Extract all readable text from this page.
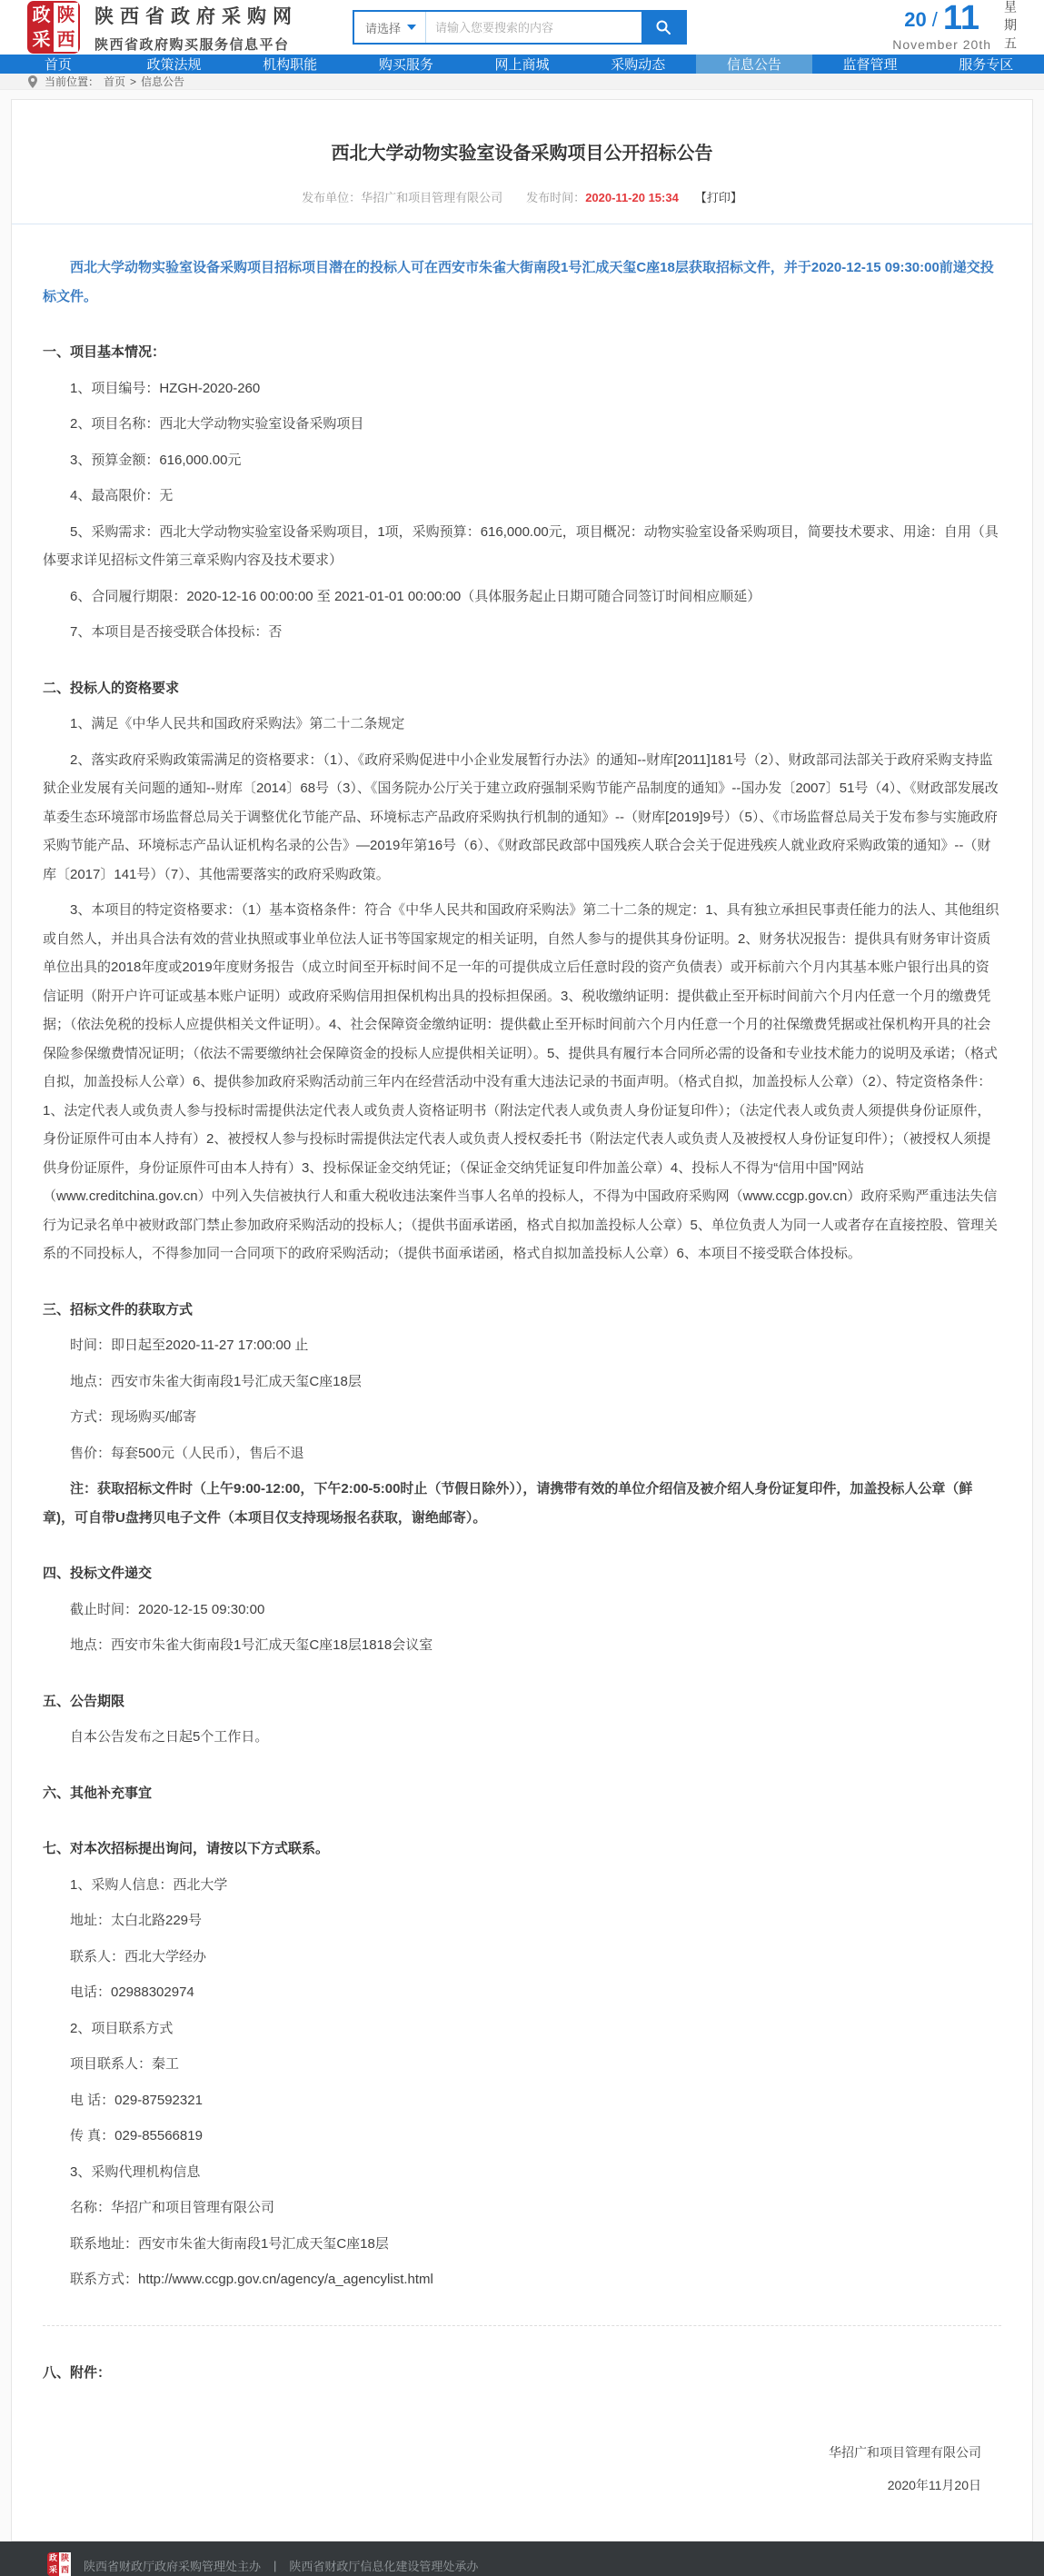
政 陕
采 西
陕西省政府采购网
陕西省政府购买服务信息平台
请选择
请输入您要搜索的内容	20 / 11
November 20th 星期五
首页	政策法规	机构职能	购买服务	网上商城	采购动态	信息公告	监督管理	服务专区
当前位置： 首页 > 信息公告
西北大学动物实验室设备采购项目公开招标公告
发布单位：华招广和项目管理有限公司 发布时间：2020-11-20 15:34 【打印】
西北大学动物实验室设备采购项目招标项目潜在的投标人可在西安市朱雀大街南段1号汇成天玺C座18层获取招标文件，并于2020-12-15 09:30:00前递交投标文件。
一、项目基本情况：
1、项目编号：HZGH-2020-260
2、项目名称：西北大学动物实验室设备采购项目
3、预算金额：616,000.00元
4、最高限价：无
5、采购需求：西北大学动物实验室设备采购项目，1项，采购预算：616,000.00元，项目概况：动物实验室设备采购项目，简要技术要求、用途：自用（具体要求详见招标文件第三章采购内容及技术要求）
6、合同履行期限：2020-12-16 00:00:00 至 2021-01-01 00:00:00（具体服务起止日期可随合同签订时间相应顺延）
7、本项目是否接受联合体投标：否
二、投标人的资格要求
1、满足《中华人民共和国政府采购法》第二十二条规定
2、落实政府采购政策需满足的资格要求：（1）、《政府采购促进中小企业发展暂行办法》的通知--财库[2011]181号（2）、财政部司法部关于政府采购支持监狱企业发展有关问题的通知--财库〔2014〕68号（3）、《国务院办公厅关于建立政府强制采购节能产品制度的通知》--国办发〔2007〕51号（4）、《财政部发展改革委生态环境部市场监督总局关于调整优化节能产品、环境标志产品政府采购执行机制的通知》--（财库[2019]9号）（5）、《市场监督总局关于发布参与实施政府采购节能产品、环境标志产品认证机构名录的公告》—2019年第16号（6）、《财政部民政部中国残疾人联合会关于促进残疾人就业政府采购政策的通知》--（财库〔2017〕141号）（7）、其他需要落实的政府采购政策。
3、本项目的特定资格要求：（1）基本资格条件：符合《中华人民共和国政府采购法》第二十二条的规定：1、具有独立承担民事责任能力的法人、其他组织或自然人，并出具合法有效的营业执照或事业单位法人证书等国家规定的相关证明，自然人参与的提供其身份证明。2、财务状况报告：提供具有财务审计资质单位出具的2018年度或2019年度财务报告（成立时间至开标时间不足一年的可提供成立后任意时段的资产负债表）或开标前六个月内其基本账户银行出具的资信证明（附开户许可证或基本账户证明）或政府采购信用担保机构出具的投标担保函。3、税收缴纳证明：提供截止至开标时间前六个月内任意一个月的缴费凭据；（依法免税的投标人应提供相关文件证明）。4、社会保障资金缴纳证明：提供截止至开标时间前六个月内任意一个月的社保缴费凭据或社保机构开具的社会保险参保缴费情况证明；（依法不需要缴纳社会保障资金的投标人应提供相关证明）。5、提供具有履行本合同所必需的设备和专业技术能力的说明及承诺；（格式自拟，加盖投标人公章）6、提供参加政府采购活动前三年内在经营活动中没有重大违法记录的书面声明。（格式自拟，加盖投标人公章）（2）、特定资格条件：1、法定代表人或负责人参与投标时需提供法定代表人或负责人资格证明书（附法定代表人或负责人身份证复印件）；（法定代表人或负责人须提供身份证原件，身份证原件可由本人持有）2、被授权人参与投标时需提供法定代表人或负责人授权委托书（附法定代表人或负责人及被授权人身份证复印件）；（被授权人须提供身份证原件，身份证原件可由本人持有）3、投标保证金交纳凭证；（保证金交纳凭证复印件加盖公章）4、投标人不得为“信用中国”网站（www.creditchina.gov.cn）中列入失信被执行人和重大税收违法案件当事人名单的投标人，不得为中国政府采购网（www.ccgp.gov.cn）政府采购严重违法失信行为记录名单中被财政部门禁止参加政府采购活动的投标人；（提供书面承诺函，格式自拟加盖投标人公章）5、单位负责人为同一人或者存在直接控股、管理关系的不同投标人，不得参加同一合同项下的政府采购活动；（提供书面承诺函，格式自拟加盖投标人公章）6、本项目不接受联合体投标。
三、招标文件的获取方式
时间：即日起至2020-11-27 17:00:00 止
地点：西安市朱雀大街南段1号汇成天玺C座18层
方式：现场购买/邮寄
售价：每套500元（人民币），售后不退
注：获取招标文件时（上午9:00-12:00，下午2:00-5:00时止（节假日除外）），请携带有效的单位介绍信及被介绍人身份证复印件，加盖投标人公章（鲜章)，可自带U盘拷贝电子文件（本项目仅支持现场报名获取，谢绝邮寄）。
四、投标文件递交
截止时间：2020-12-15 09:30:00
地点：西安市朱雀大街南段1号汇成天玺C座18层1818会议室
五、公告期限
自本公告发布之日起5个工作日。
六、其他补充事宜
七、对本次招标提出询问，请按以下方式联系。
1、采购人信息：西北大学
地址：太白北路229号
联系人：西北大学经办
电话：02988302974
2、项目联系方式
项目联系人：秦工
电 话：029-87592321
传 真：029-85566819
3、采购代理机构信息
名称：华招广和项目管理有限公司
联系地址：西安市朱雀大街南段1号汇成天玺C座18层
联系方式：http://www.ccgp.gov.cn/agency/a_agencylist.html
八、附件：
华招广和项目管理有限公司
2020年11月20日
政 陕
采 西 陕西省财政厅政府采购管理处主办 | 陕西省财政厅信息化建设管理处承办
